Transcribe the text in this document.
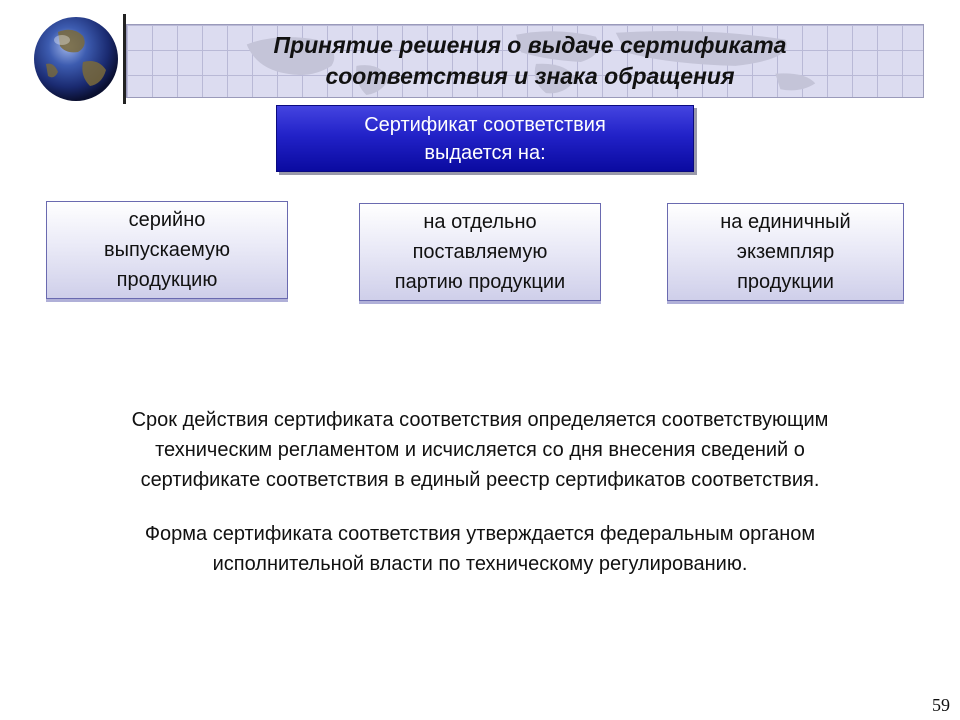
Принятие решения о выдаче сертификата
соответствия и знака обращения
Сертификат соответствия
выдается на:
серийно
выпускаемую
продукцию
на отдельно
поставляемую
партию продукции
на единичный
экземпляр
продукции
Срок действия сертификата соответствия определяется соответствующим
техническим регламентом и исчисляется со дня внесения сведений о
сертификате соответствия в единый реестр сертификатов соответствия.
Форма сертификата соответствия утверждается федеральным органом
исполнительной власти по техническому регулированию.
59
